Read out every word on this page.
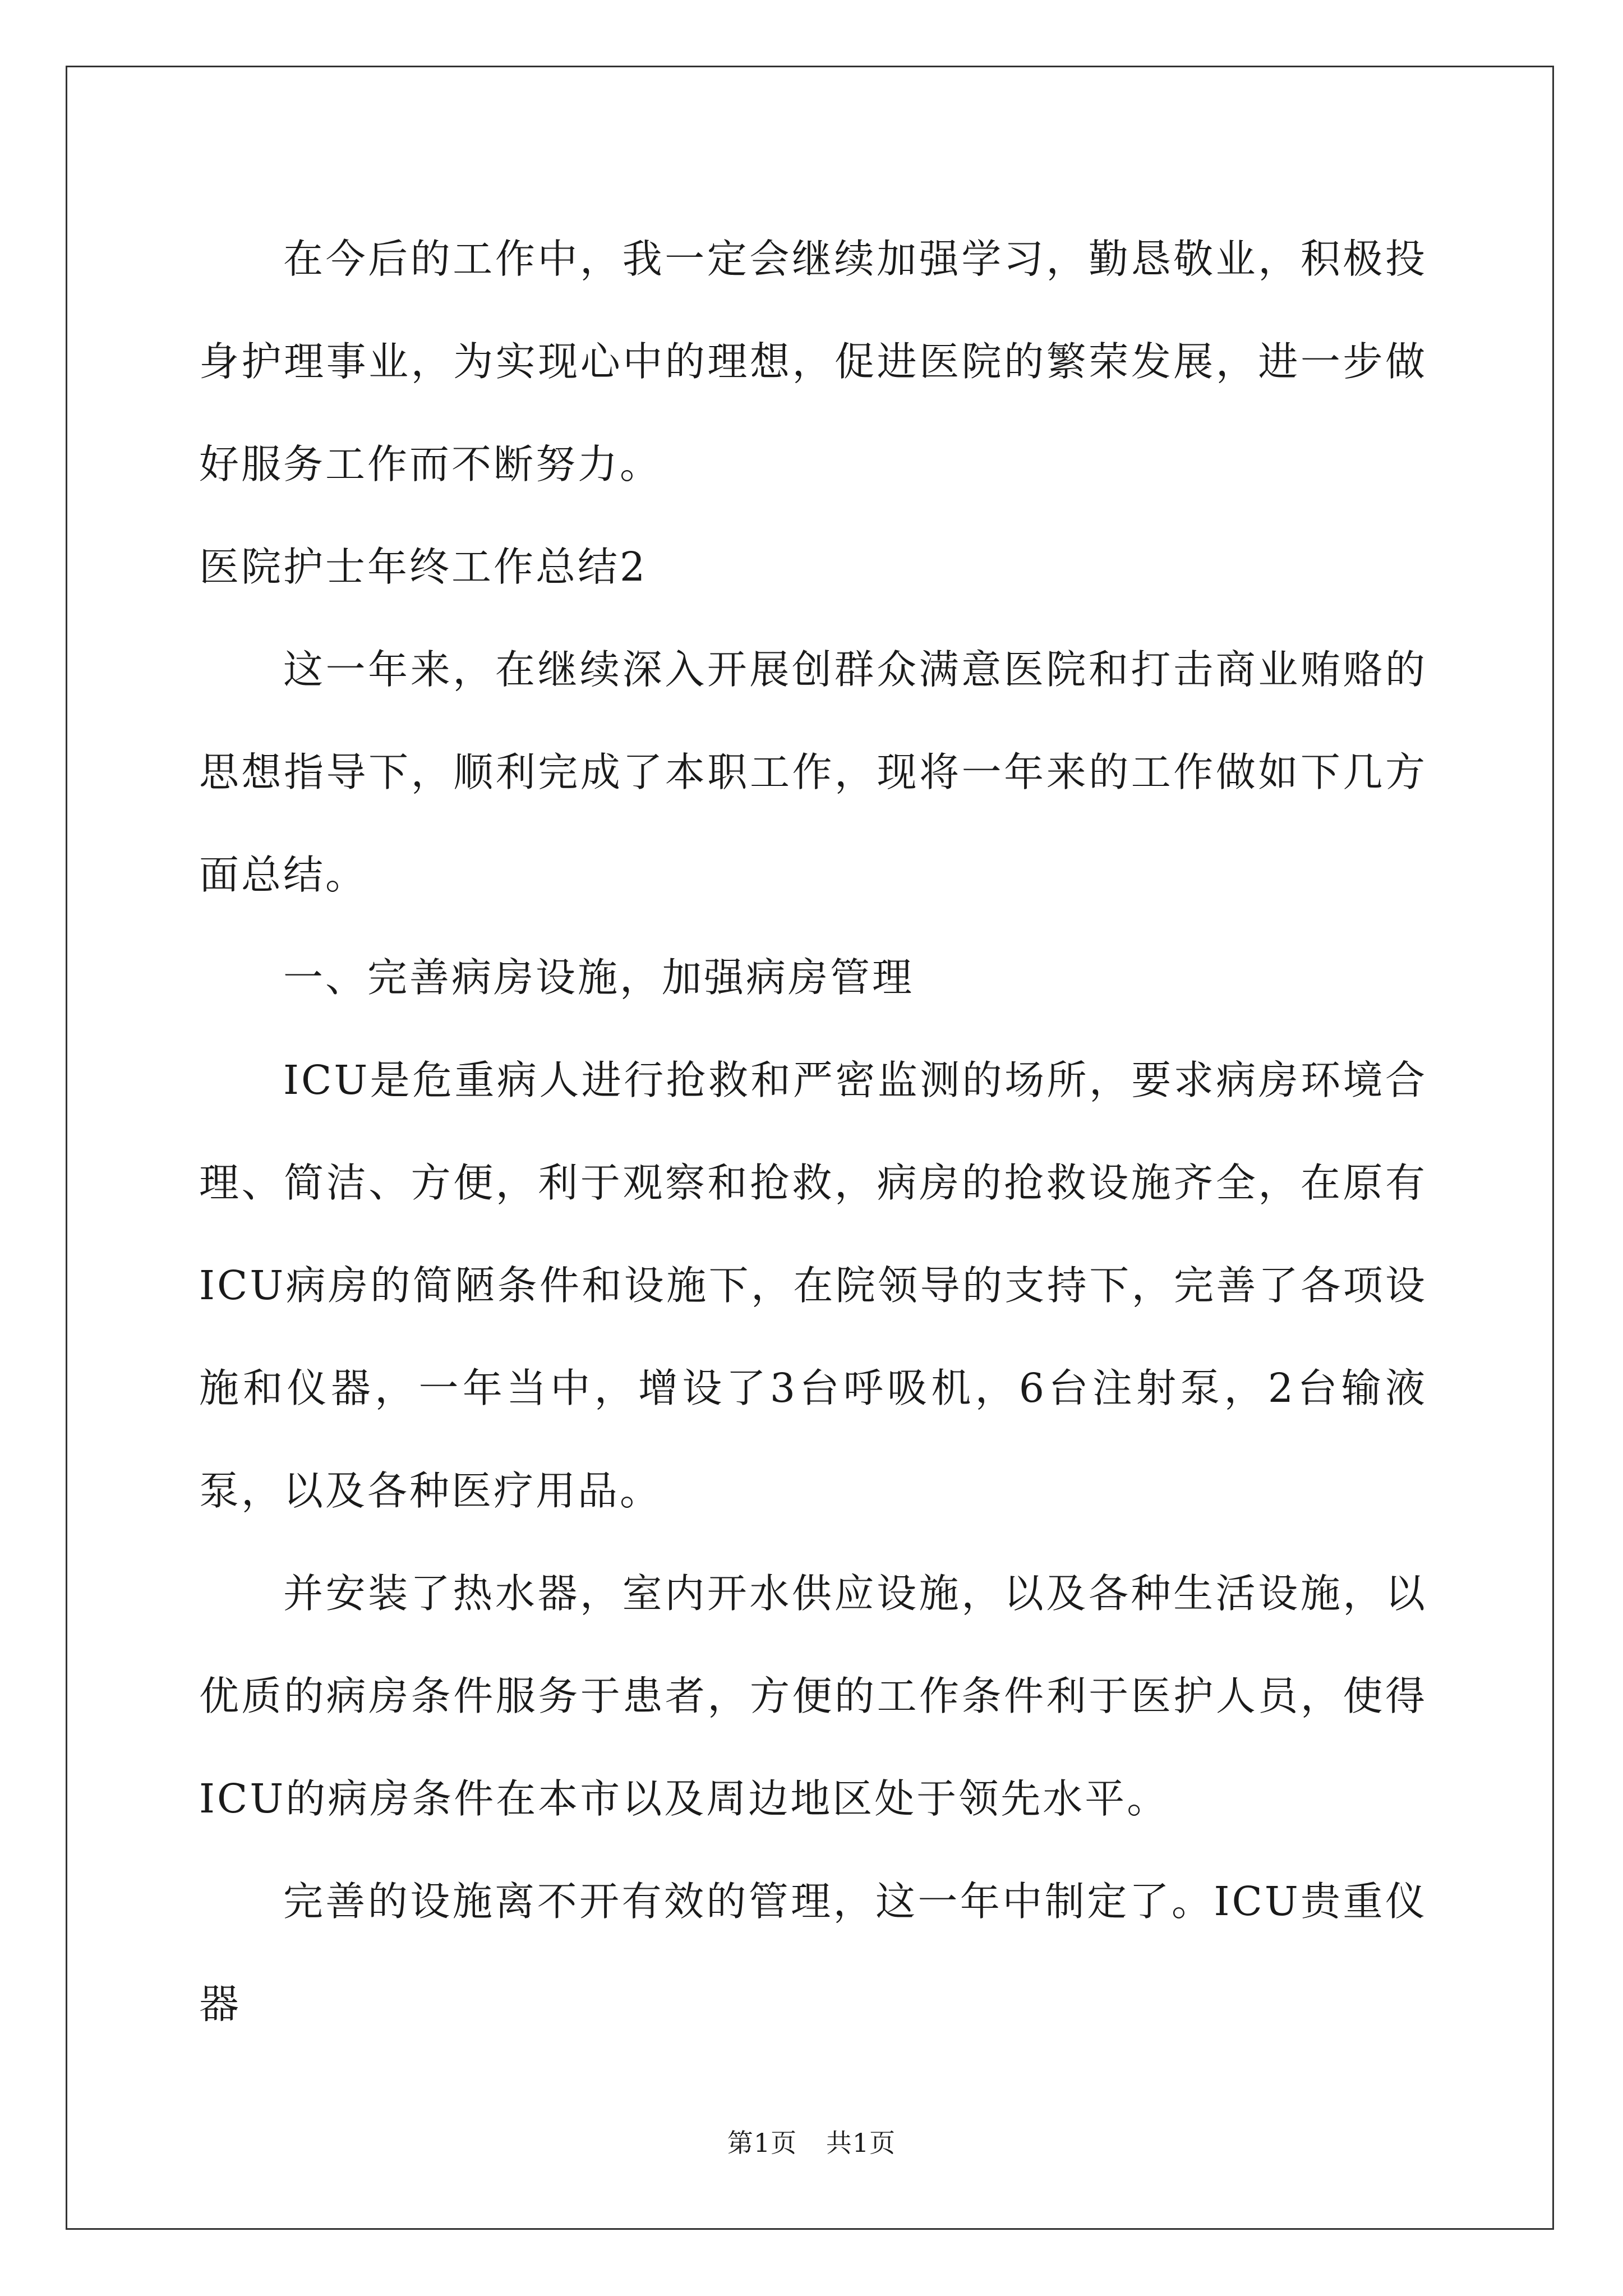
在今后的工作中，我一定会继续加强学习，勤恳敬业，积极投身护理事业，为实现心中的理想，促进医院的繁荣发展，进一步做好服务工作而不断努力。

医院护士年终工作总结2

这一年来，在继续深入开展创群众满意医院和打击商业贿赂的思想指导下，顺利完成了本职工作，现将一年来的工作做如下几方面总结。

一、完善病房设施，加强病房管理

ICU是危重病人进行抢救和严密监测的场所，要求病房环境合理、简洁、方便，利于观察和抢救，病房的抢救设施齐全，在原有ICU病房的简陋条件和设施下，在院领导的支持下，完善了各项设施和仪器，一年当中，增设了3台呼吸机，6台注射泵，2台输液泵，以及各种医疗用品。

并安装了热水器，室内开水供应设施，以及各种生活设施，以优质的病房条件服务于患者，方便的工作条件利于医护人员，使得ICU的病房条件在本市以及周边地区处于领先水平。

完善的设施离不开有效的管理，这一年中制定了。ICU贵重仪器

第1页 共1页
